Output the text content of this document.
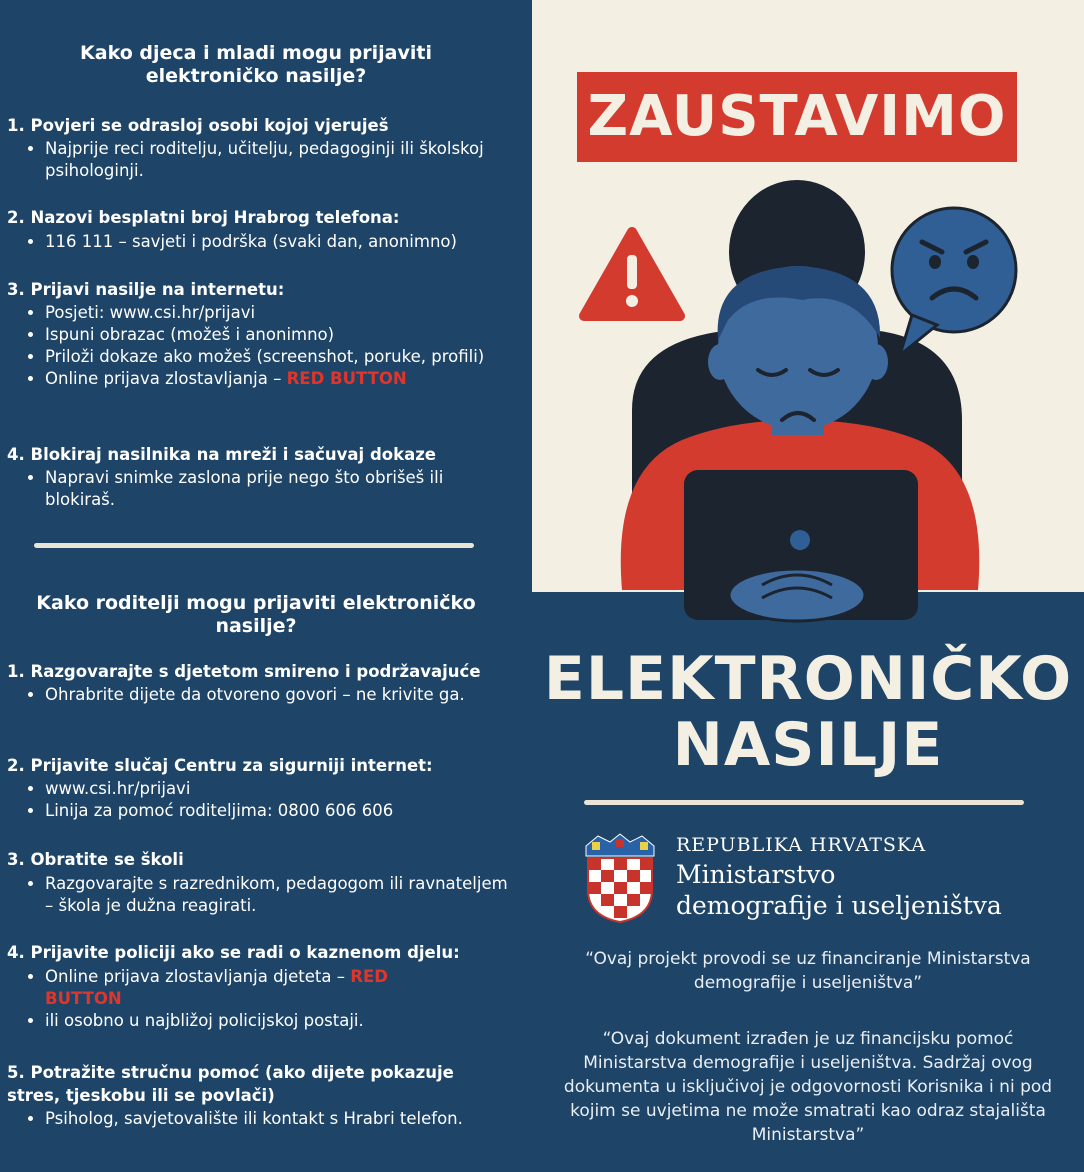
Kako djeca i mladi mogu prijaviti
elektroničko nasilje?
1. Povjeri se odrasloj osobi kojoj vjeruješ
• Najprije reci roditelju, učitelju, pedagoginji ili školskoj psihologinji.
2. Nazovi besplatni broj Hrabrog telefona:
• 116 111 – savjeti i podrška (svaki dan, anonimno)
3. Prijavi nasilje na internetu:
• Posjeti: www.csi.hr/prijavi
• Ispuni obrazac (možeš i anonimno)
• Priloži dokaze ako možeš (screenshot, poruke, profili)
• Online prijava zlostavljanja – RED BUTTON
4. Blokiraj nasilnika na mreži i sačuvaj dokaze
• Napravi snimke zaslona prije nego što obrišeš ili blokiraš.
Kako roditelji mogu prijaviti elektroničko
nasilje?
1. Razgovarajte s djetetom smireno i podržavajuće
• Ohrabrite dijete da otvoreno govori – ne krivite ga.
2. Prijavite slučaj Centru za sigurniji internet:
• www.csi.hr/prijavi
• Linija za pomoć roditeljima: 0800 606 606
3. Obratite se školi
• Razgovarajte s razrednikom, pedagogom ili ravnateljem – škola je dužna reagirati.
4. Prijavite policiji ako se radi o kaznenom djelu:
• Online prijava zlostavljanja djeteta – RED BUTTON
• ili osobno u najbližoj policijskoj postaji.
5. Potražite stručnu pomoć (ako dijete pokazuje
stres, tjeskobu ili se povlači)
• Psiholog, savjetovalište ili kontakt s Hrabri telefon.
ZAUSTAVIMO
ELEKTRONIČKO
NASILJE
REPUBLIKA HRVATSKA
Ministarstvo
demografije i useljeništva
“Ovaj projekt provodi se uz financiranje Ministarstva demografije i useljeništva”
“Ovaj dokument izrađen je uz financijsku pomoć Ministarstva demografije i useljeništva. Sadržaj ovog dokumenta u isključivoj je odgovornosti Korisnika i ni pod kojim se uvjetima ne može smatrati kao odraz stajališta Ministarstva”
